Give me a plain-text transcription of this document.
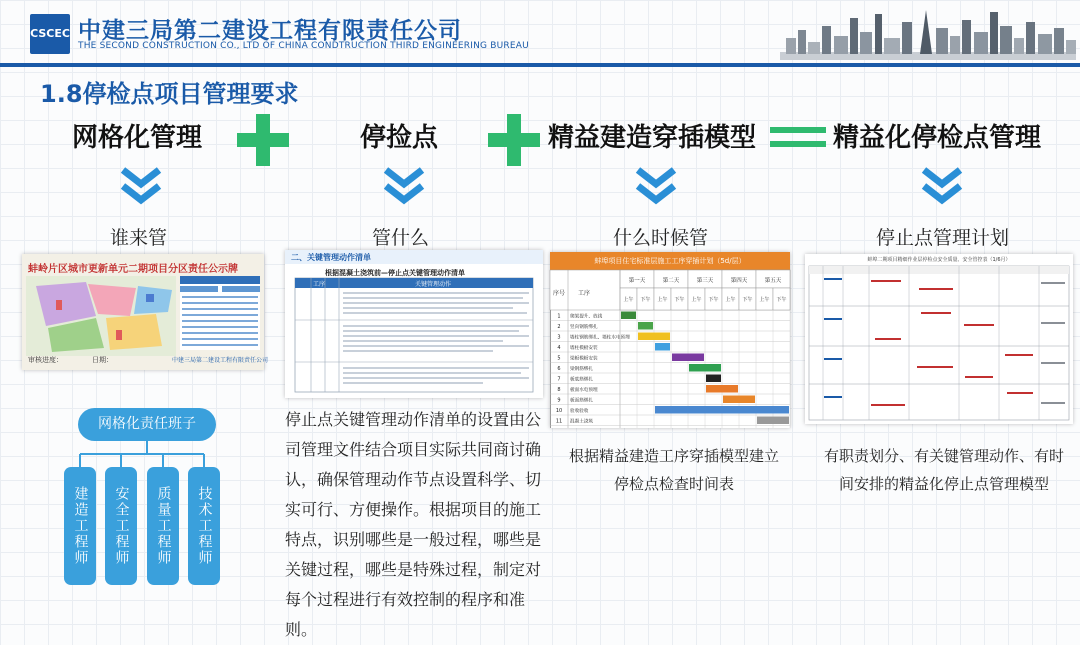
CSCEC 中建三局第二建设工程有限责任公司
THE SECOND CONSTRUCTION CO., LTD OF CHINA CONDTRUCTION THIRD ENGINEERING BUREAU
1.8停检点项目管理要求
网格化管理	停捡点	精益建造穿插模型	精益化停检点管理
谁来管	管什么	什么时候管	停止点管理计划
蚌岭片区城市更新单元二期项目分区责任公示牌
审核进度：	日期：	中建三局第二建设工程有限责任公司
二、关键管理动作清单
根据混凝土浇筑前—停止点关键管理动作清单
工序	关键管理动作
蚌埠项目住宅标准层施工工序穿插计划（5d/层）
第一天
上午 下午
第二天
上午 下午
第三天
上午 下午
第四天
上午 下午
第五天
上午 下午
1 爬架提升、放线
2 竖向钢筋绑扎
3 墙柱钢筋绑扎、墙柱水电预埋
4 墙柱模板安装
5 梁板模板安装
6 梁钢筋绑扎
7 板底筋绑扎
8 板面水电预埋
9 板面筋绑扎
10 验收验收
11 混凝土浇筑
序号 工序
蚌埠二期项目精细作业层停检点安全质量、安全管控表（1/6月）
停止点关键管理动作清单的设置由公司管理文件结合项目实际共同商讨确认，确保管理动作节点设置科学、切实可行、方便操作。根据项目的施工特点，识别哪些是一般过程，哪些是关键过程，哪些是特殊过程，制定对每个过程进行有效控制的程序和准则。
根据精益建造工序穿插模型建立停检点检查时间表
有职责划分、有关键管理动作、有时间安排的精益化停止点管理模型
网格化责任班子
建造工程师	安全工程师	质量工程师	技术工程师
